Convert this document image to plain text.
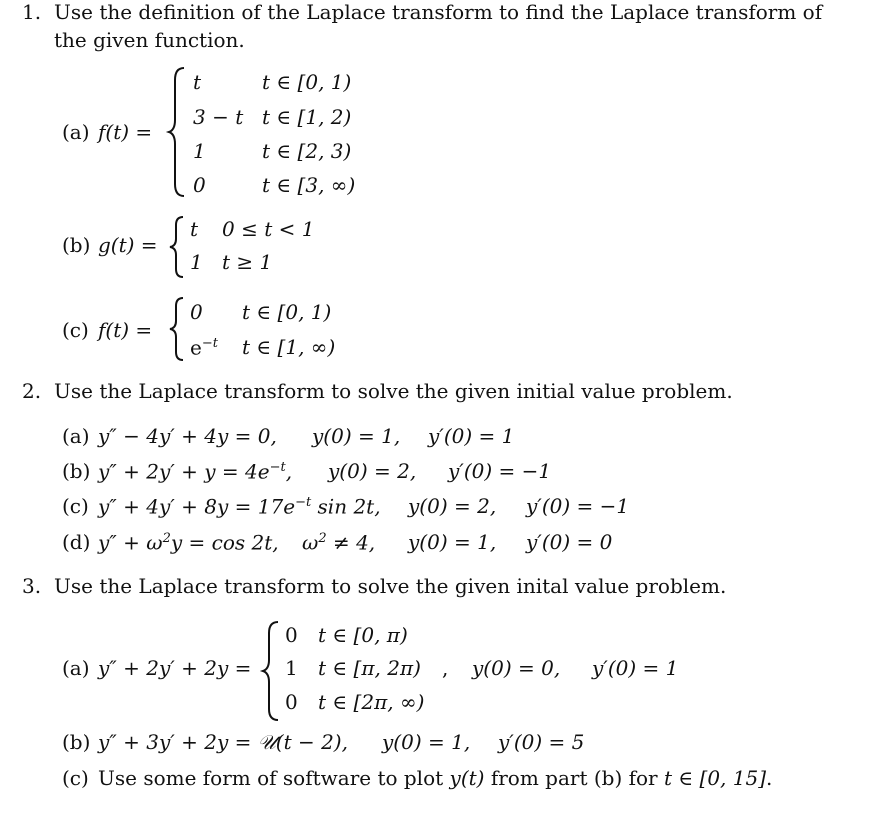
1. Use the definition of the Laplace transform to find the Laplace transform of
the given function.
(a) f(t) =
t	t ∈ [0, 1)
3 − t t ∈ [1, 2)
1	t ∈ [2, 3)
0	t ∈ [3, ∞)
(b) g(t) =
t 0 ≤ t < 1
1 t ≥ 1
(c) f(t) =
0 t ∈ [0, 1)
$e^{-t}$ t ∈ [1, ∞)
2. Use the Laplace transform to solve the given initial value problem.
(a) y″ − 4y′ + 4y = 0, y(0) = 1, y′(0) = 1
(b) $y'' + 2y' + y = 4e^{-t}$, y(0) = 2, y′(0) = −1
(c) $y'' + 4y' + 8y = 17e^{-t}$ sin 2t, y(0) = 2, y′(0) = −1
(d) $y'' + \omega^2y = \cos 2t$, $\omega^2 \ne 4$, y(0) = 1, y′(0) = 0
3. Use the Laplace transform to solve the given inital value problem.
(a) y″ + 2y′ + 2y =
0 t ∈ [0, π)
1 t ∈ [π, 2π)
0 t ∈ [2π, ∞)
, y(0) = 0, y′(0) = 1
(b) y″ + 3y′ + 2y = 𝒰(t − 2), y(0) = 1, y′(0) = 5
(c) Use some form of software to plot y(t) from part (b) for t ∈ [0, 15].
